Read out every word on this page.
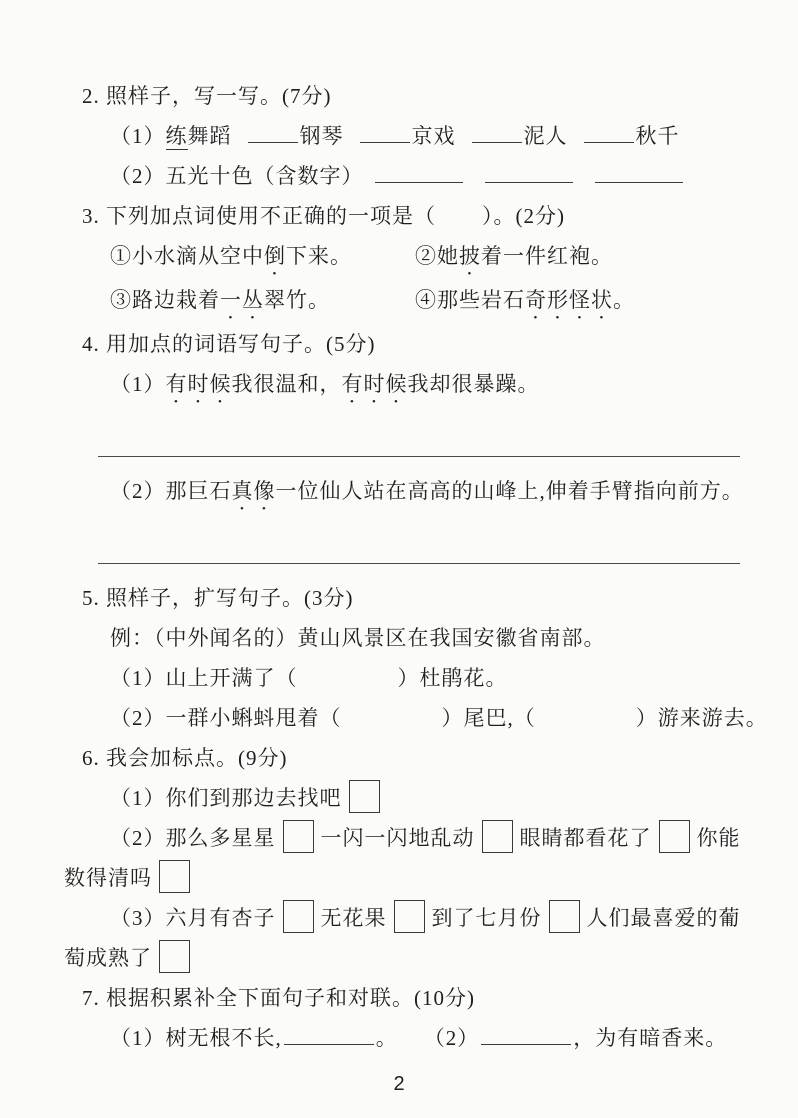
2. 照样子，写一写。(7分)
（1）练舞蹈	钢琴	京戏	泥人	秋千
（2）五光十色（含数字）
3. 下列加点词使用不正确的一项是（ ）。(2分)
①小水滴从空中倒下来。	②她披着一件红袍。
③路边栽着一丛翠竹。	④那些岩石奇形怪状。
4. 用加点的词语写句子。(5分)
（1）有时候我很温和，有时候我却很暴躁。
（2）那巨石真像一位仙人站在高高的山峰上,伸着手臂指向前方。
5. 照样子，扩写句子。(3分)
例：（中外闻名的）黄山风景区在我国安徽省南部。
（1）山上开满了（	）杜鹃花。
（2）一群小蝌蚪甩着（	）尾巴,（	）游来游去。
6. 我会加标点。(9分)
（1）你们到那边去找吧
（2）那么多星星 一闪一闪地乱动 眼睛都看花了 你能
数得清吗
（3）六月有杏子 无花果 到了七月份 人们最喜爱的葡
萄成熟了
7. 根据积累补全下面句子和对联。(10分)
（1）树无根不长,	。 （2）	，为有暗香来。
2
